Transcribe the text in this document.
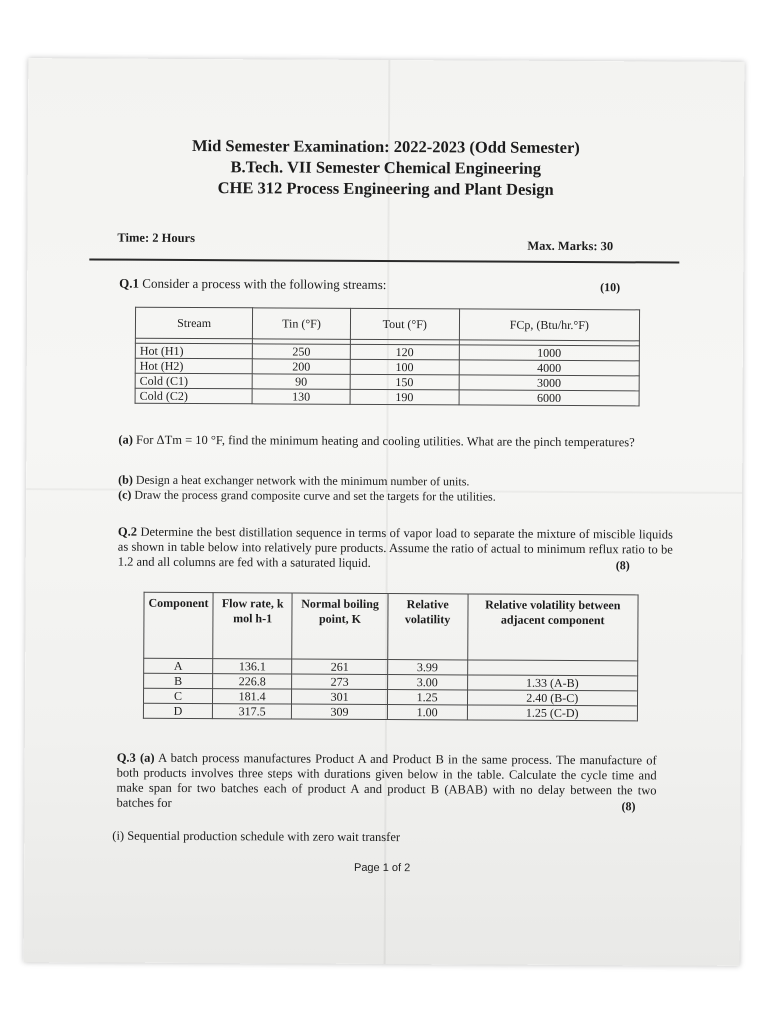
Mid Semester Examination: 2022-2023 (Odd Semester)
B.Tech. VII Semester Chemical Engineering
CHE 312 Process Engineering and Plant Design
Time: 2 Hours
Max. Marks: 30
Q.1 Consider a process with the following streams:	(10)
Stream	Tin (°F)	Tout (°F)	FCp, (Btu/hr.°F)

Hot (H1)	250	120	1000
Hot (H2)	200	100	4000
Cold (C1)	90	150	3000
Cold (C2)	130	190	6000
(a) For ΔTm = 10 °F, find the minimum heating and cooling utilities. What are the pinch temperatures?
(b) Design a heat exchanger network with the minimum number of units.
(c) Draw the process grand composite curve and set the targets for the utilities.
Q.2 Determine the best distillation sequence in terms of vapor load to separate the mixture of miscible liquids as shown in table below into relatively pure products. Assume the ratio of actual to minimum reflux ratio to be 1.2 and all columns are fed with a saturated liquid.	(8)
Component	Flow rate, k mol h-1	Normal boiling point, K	Relative volatility	Relative volatility between adjacent component
A	136.1	261	3.99	
B	226.8	273	3.00	1.33 (A-B)
C	181.4	301	1.25	2.40 (B-C)
D	317.5	309	1.00	1.25 (C-D)
Q.3 (a) A batch process manufactures Product A and Product B in the same process. The manufacture of both products involves three steps with durations given below in the table. Calculate the cycle time and make span for two batches each of product A and product B (ABAB) with no delay between the two batches for	(8)
(i) Sequential production schedule with zero wait transfer
Page 1 of 2
